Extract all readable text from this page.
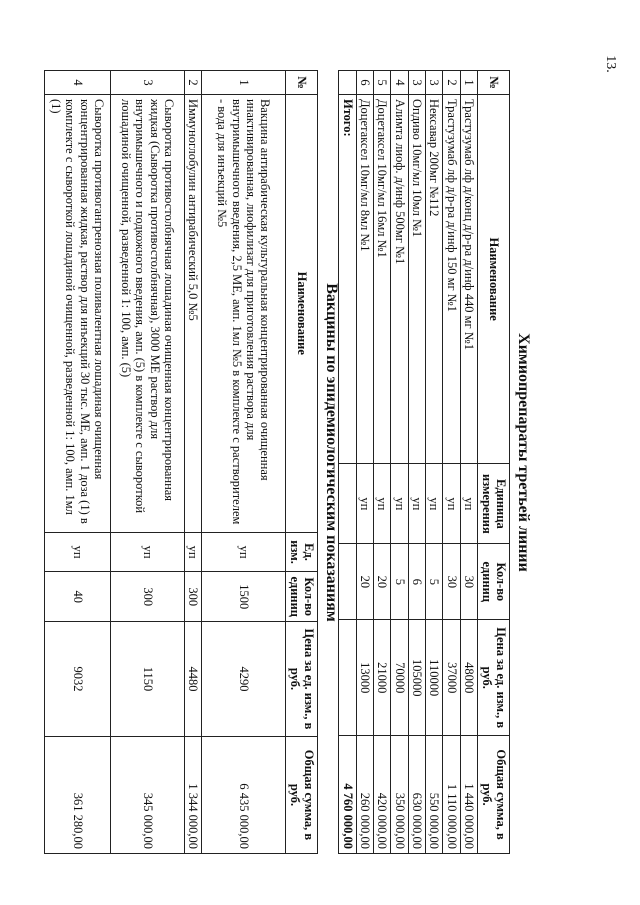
13.
Химиопрепараты третьей линии
№	Наименование	Единица измерения	Кол-во единиц	Цена за ед. изм., в руб.	Общая сумма, в руб.
1	Трастузумаб лф д/конц д/р-ра д/инф 440 мг №1	уп	30	48000	1 440 000,00
2	Трастузумаб лф д/р-ра д/инф 150 мг №1	уп	30	37000	1 110 000,00
3	Нексавар 200мг №112	уп	5	110000	550 000,00
3	Опдиво 10мг/мл 10мл №1	уп	6	105000	630 000,00
4	Алимта лиоф. д/инф 500мг №1	уп	5	70000	350 000,00
5	Доцетаксел 10мг/мл 16мл №1	уп	20	21000	420 000,00
6	Доцетаксел 10мг/мл 8мл №1	уп	20	13000	260 000,00
	Итого:				4 760 000,00
Вакцины по эпидемиологическим показаниям
№	Наименование	Ед. изм.	Кол-во единиц	Цена за ед. изм., в руб.	Общая сумма, в руб.
1	Вакцина антирабическая культуральная концентрированная очищенная инактивированная, лиофилизат для приготовления раствора для внутримышечного введения, 2,5 МЕ, амп. 1мл №5 в комплекте с растворителем - вода для инъекций №5	уп	1500	4290	6 435 000,00
2	Иммуноглобулин антирабический 5,0 №5	уп	300	4480	1 344 000,00
3	Сыворотка противостолбнячная лошадиная очищенная концентрированная жидкая (Сыворотка противостолбнячная), 3000 МЕ раствор для внутримышечного и подкожного введения, амп. (5) в комплекте с сывороткой лошадиной очищенной, разведенной 1: 100, амп. (5)	уп	300	1150	345 000,00
4	Сыворотка противогангренозная поливалентная лошадиная очищенная концентрированная жидкая, раствор для инъекций 30 тыс. МЕ, амп. 1 доза (1) в комплекте с сывороткой лошадиной очищенной, разведенной 1: 100, амп. 1мл (1)	уп	40	9032	361 280,00
